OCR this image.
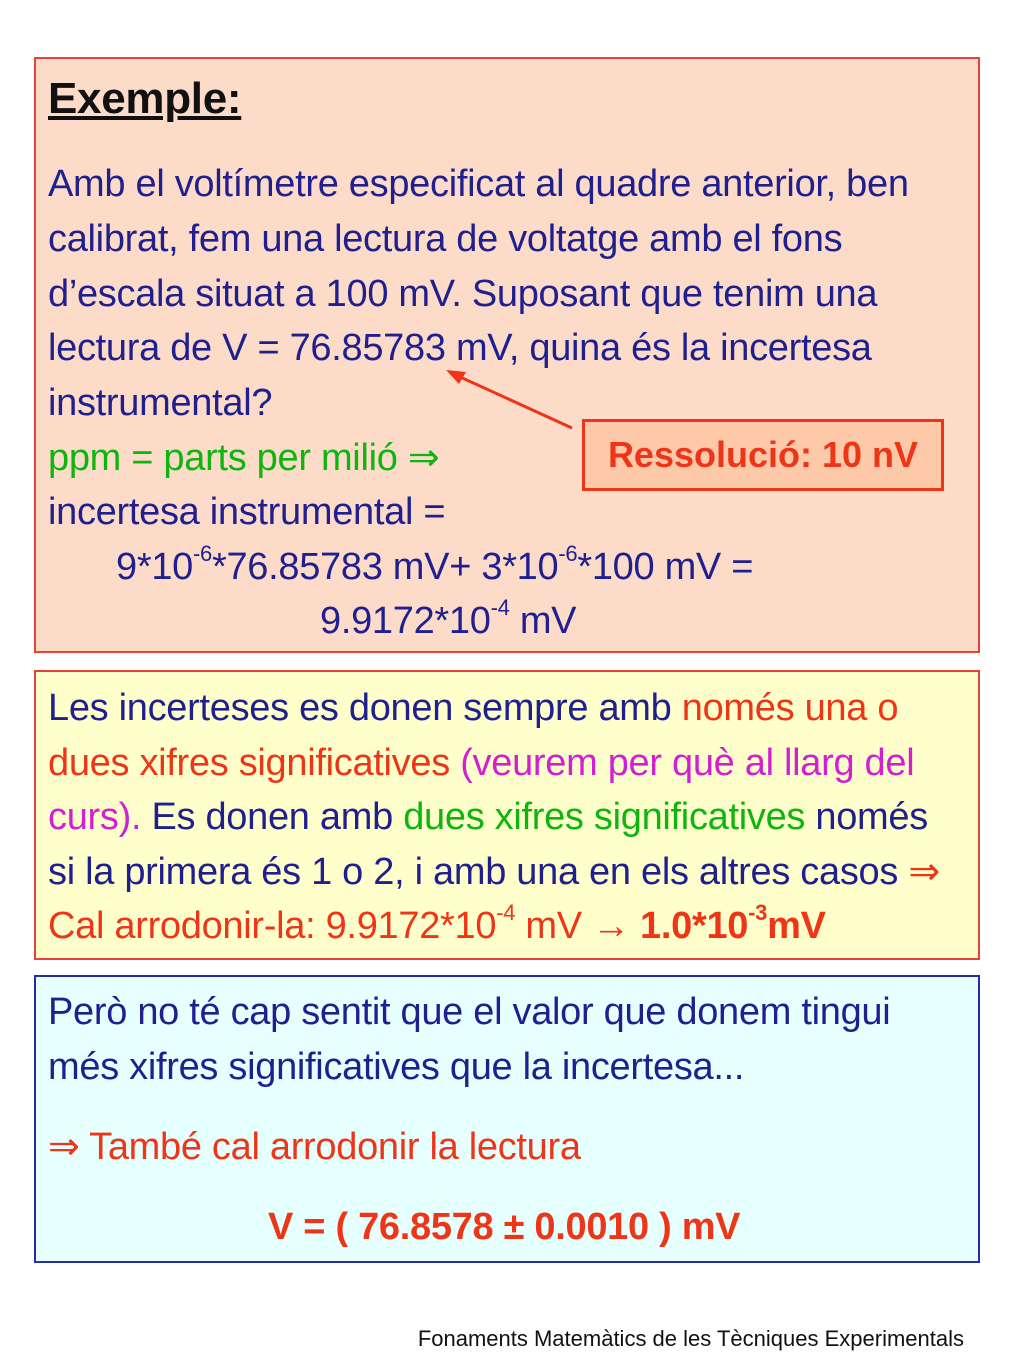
Exemple:
Amb el voltímetre especificat al quadre anterior, ben
calibrat, fem una lectura de voltatge amb el fons
d’escala situat a 100 mV. Suposant que tenim una
lectura de V = 76.85783 mV, quina és la incertesa
instrumental?
ppm = parts per milió ⇒	Ressolució: 10 nV
incertesa instrumental =
$9*10^{-6}*76.85783$ $mV+ 3*10^{-6}*100$ mV =
$9.9172*10^{-4}$ mV
Les incerteses es donen sempre amb només una o
dues xifres significatives (veurem per què al llarg del
curs). Es donen amb dues xifres significatives només
si la primera és 1 o 2, i amb una en els altres casos ⇒
Cal arrodonir-la: $9.9172*10^{-4}$ mV → $1.0*10^{-3}mV$
Però no té cap sentit que el valor que donem tingui
més xifres significatives que la incertesa...
⇒ També cal arrodonir la lectura
V = ( 76.8578 ± 0.0010 ) mV
Fonaments Matemàtics de les Tècniques Experimentals
